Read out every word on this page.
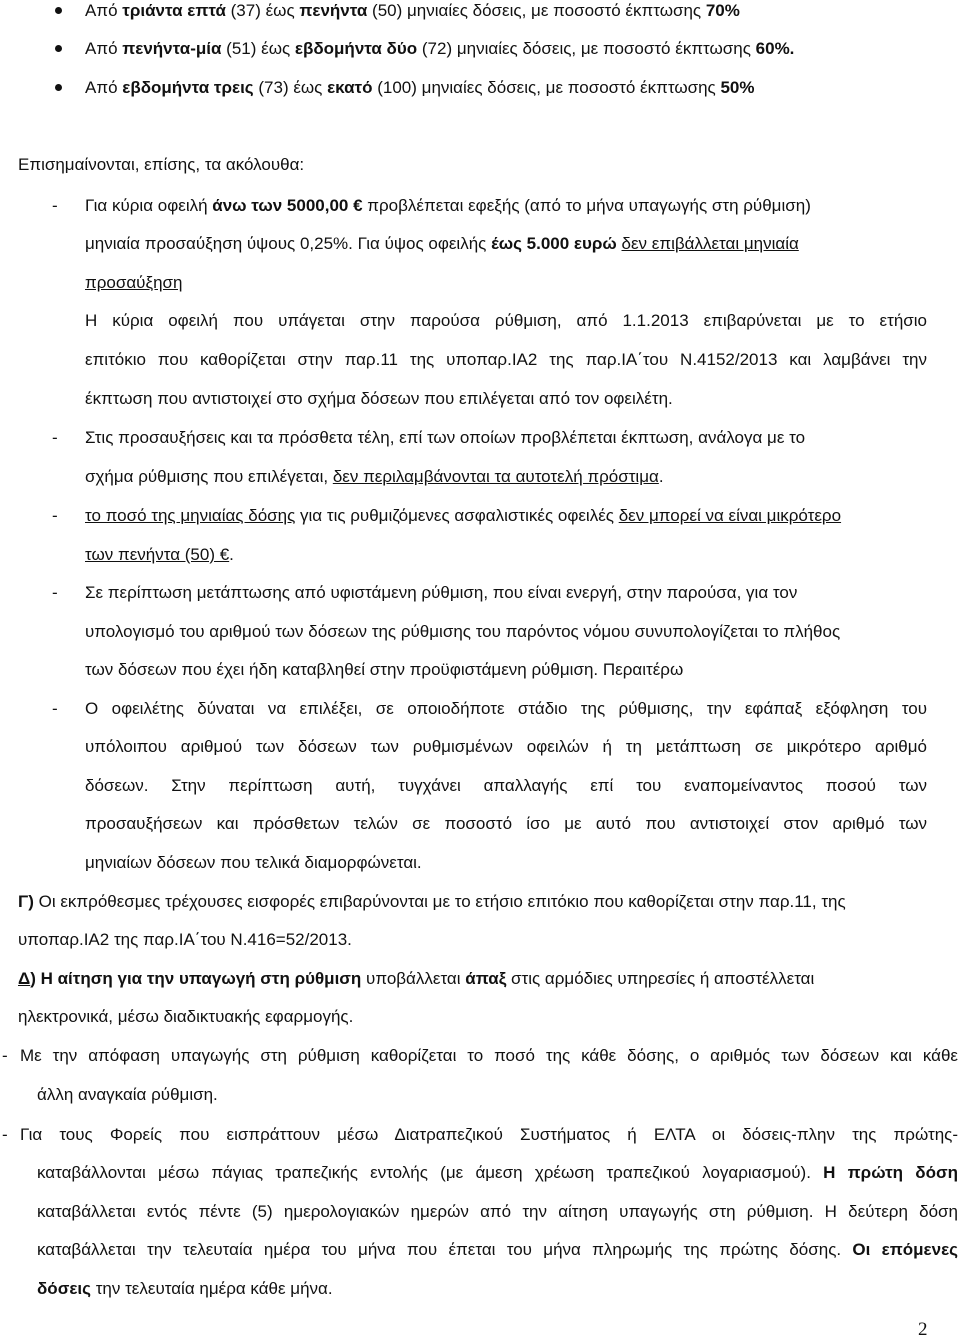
Από τριάντα επτά (37) έως πενήντα (50) μηνιαίες δόσεις, με ποσοστό έκπτωσης 70%
Από πενήντα-μία (51) έως εβδομήντα δύο (72) μηνιαίες δόσεις, με ποσοστό έκπτωσης 60%.
Από εβδομήντα τρεις (73) έως εκατό (100) μηνιαίες δόσεις, με ποσοστό έκπτωσης 50%
Επισημαίνονται, επίσης, τα ακόλουθα:
- Για κύρια οφειλή άνω των 5000,00 € προβλέπεται εφεξής (από το μήνα υπαγωγής στη ρύθμιση)
μηνιαία προσαύξηση ύψους 0,25%. Για ύψος οφειλής έως 5.000 ευρώ δεν επιβάλλεται μηνιαία
προσαύξηση
Η κύρια οφειλή που υπάγεται στην παρούσα ρύθμιση, από 1.1.2013 επιβαρύνεται με το ετήσιο
επιτόκιο που καθορίζεται στην παρ.11 της υποπαρ.ΙΑ2 της παρ.ΙΑ΄του Ν.4152/2013 και λαμβάνει την
έκπτωση που αντιστοιχεί στο σχήμα δόσεων που επιλέγεται από τον οφειλέτη.
- Στις προσαυξήσεις και τα πρόσθετα τέλη, επί των οποίων προβλέπεται έκπτωση, ανάλογα με το
σχήμα ρύθμισης που επιλέγεται, δεν περιλαμβάνονται τα αυτοτελή πρόστιμα.
- το ποσό της μηνιαίας δόσης για τις ρυθμιζόμενες ασφαλιστικές οφειλές δεν μπορεί να είναι μικρότερο
των πενήντα (50) €.
- Σε περίπτωση μετάπτωσης από υφιστάμενη ρύθμιση, που είναι ενεργή, στην παρούσα, για τον
υπολογισμό του αριθμού των δόσεων της ρύθμισης του παρόντος νόμου συνυπολογίζεται το πλήθος
των δόσεων που έχει ήδη καταβληθεί στην προϋφιστάμενη ρύθμιση. Περαιτέρω
- Ο οφειλέτης δύναται να επιλέξει, σε οποιοδήποτε στάδιο της ρύθμισης, την εφάπαξ εξόφληση του
υπόλοιπου αριθμού των δόσεων των ρυθμισμένων οφειλών ή τη μετάπτωση σε μικρότερο αριθμό
δόσεων. Στην περίπτωση αυτή, τυγχάνει απαλλαγής επί του εναπομείναντος ποσού των
προσαυξήσεων και πρόσθετων τελών σε ποσοστό ίσο με αυτό που αντιστοιχεί στον αριθμό των
μηνιαίων δόσεων που τελικά διαμορφώνεται.
Γ) Οι εκπρόθεσμες τρέχουσες εισφορές επιβαρύνονται με το ετήσιο επιτόκιο που καθορίζεται στην παρ.11, της
υποπαρ.ΙΑ2 της παρ.ΙΑ΄του Ν.416=52/2013.
Δ) Η αίτηση για την υπαγωγή στη ρύθμιση υποβάλλεται άπαξ στις αρμόδιες υπηρεσίες ή αποστέλλεται
ηλεκτρονικά, μέσω διαδικτυακής εφαρμογής.
- Με την απόφαση υπαγωγής στη ρύθμιση καθορίζεται το ποσό της κάθε δόσης, ο αριθμός των δόσεων και κάθε
άλλη αναγκαία ρύθμιση.
- Για τους Φορείς που εισπράττουν μέσω Διατραπεζικού Συστήματος ή ΕΛΤΑ οι δόσεις-πλην της πρώτης-
καταβάλλονται μέσω πάγιας τραπεζικής εντολής (με άμεση χρέωση τραπεζικού λογαριασμού). Η πρώτη δόση
καταβάλλεται εντός πέντε (5) ημερολογιακών ημερών από την αίτηση υπαγωγής στη ρύθμιση. Η δεύτερη δόση
καταβάλλεται την τελευταία ημέρα του μήνα που έπεται του μήνα πληρωμής της πρώτης δόσης. Οι επόμενες
δόσεις την τελευταία ημέρα κάθε μήνα.
2
